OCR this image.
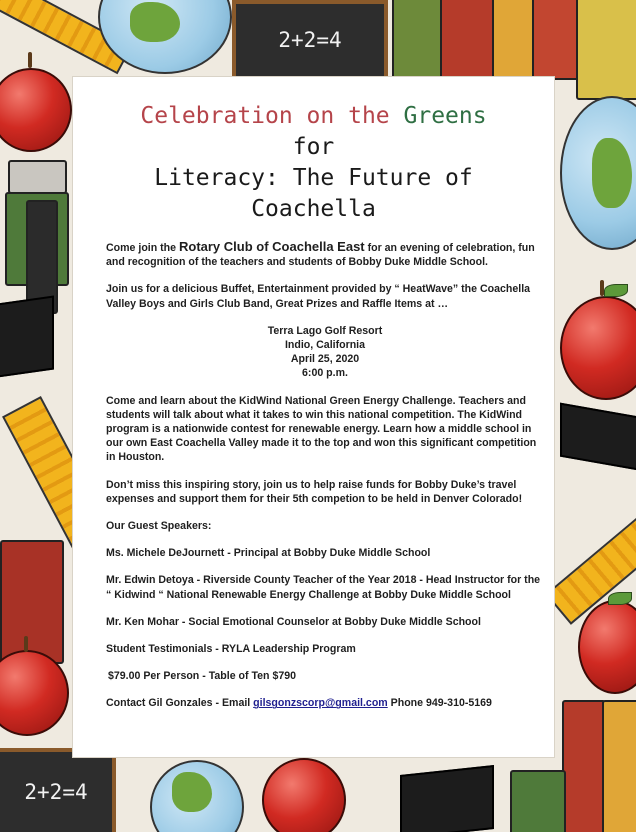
2+2=4
2+2=4
Celebration on the Greens
for
Literacy: The Future of
Coachella

Come join the Rotary Club of Coachella East for an evening of celebration, fun and recognition of the teachers and students of Bobby Duke Middle School.

Join us for a delicious Buffet, Entertainment provided by “ HeatWave” the Coachella Valley Boys and Girls Club Band, Great Prizes and Raffle Items at …

Terra Lago Golf Resort
Indio, California
April 25, 2020
6:00 p.m.

Come and learn about the KidWind National Green Energy Challenge. Teachers and students will talk about what it takes to win this national competition. The KidWind program is a nationwide contest for renewable energy. Learn how a middle school in our own East Coachella Valley made it to the top and won this significant competition in Houston.

Don’t miss this inspiring story, join us to help raise funds for Bobby Duke’s travel expenses and support them for their 5th competion to be held in Denver Colorado!

Our Guest Speakers:

Ms. Michele DeJournett - Principal at Bobby Duke Middle School

Mr. Edwin Detoya - Riverside County Teacher of the Year 2018 - Head Instructor for the “ Kidwind “ National Renewable Energy Challenge at Bobby Duke Middle School

Mr. Ken Mohar - Social Emotional Counselor at Bobby Duke Middle School

Student Testimonials - RYLA Leadership Program

$79.00 Per Person - Table of Ten $790

Contact Gil Gonzales - Email gilsgonzscorp@gmail.com Phone 949-310-5169
